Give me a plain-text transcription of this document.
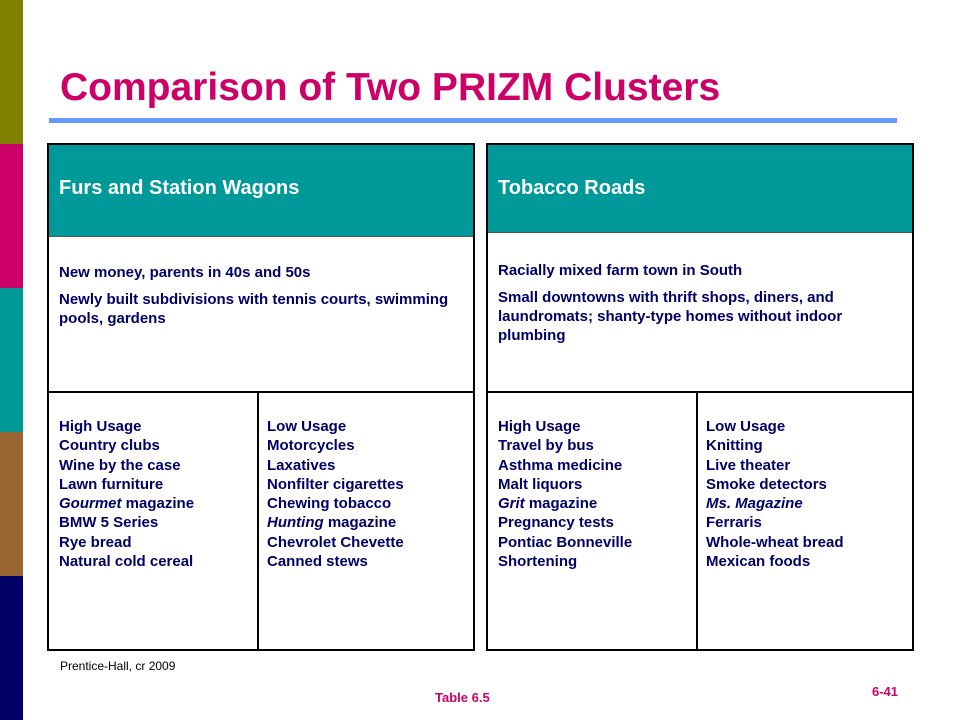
Comparison of Two PRIZM Clusters
Furs and Station Wagons

New money, parents in 40s and 50s

Newly built subdivisions with tennis courts, swimming pools, gardens

High Usage
Country clubs
Wine by the case
Lawn furniture
Gourmet magazine
BMW 5 Series
Rye bread
Natural cold cereal
Low Usage
Motorcycles
Laxatives
Nonfilter cigarettes
Chewing tobacco
Hunting magazine
Chevrolet Chevette
Canned stews
Tobacco Roads

Racially mixed farm town in South

Small downtowns with thrift shops, diners, and laundromats; shanty-type homes without indoor plumbing

High Usage
Travel by bus
Asthma medicine
Malt liquors
Grit magazine
Pregnancy tests
Pontiac Bonneville
Shortening
Low Usage
Knitting
Live theater
Smoke detectors
Ms. Magazine
Ferraris
Whole-wheat bread
Mexican foods
Prentice-Hall, cr 2009
Table 6.5	6-41
